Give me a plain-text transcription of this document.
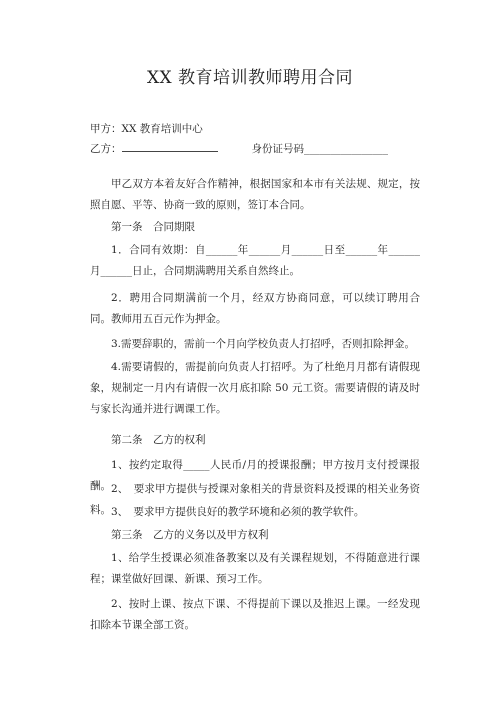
XX 教育培训教师聘用合同
甲方：XX 教育培训中心
乙方：	身份证号码________________
甲乙双方本着友好合作精神，根据国家和本市有关法规、规定，按照自愿、平等、协商一致的原则，签订本合同。
第一条　合同期限
1．合同有效期：自______年______月______日至______年______月______日止，合同期满聘用关系自然终止。
2．聘用合同期满前一个月，经双方协商同意，可以续订聘用合同。教师用五百元作为押金。
3.需要辞职的，需前一个月向学校负责人打招呼，否则扣除押金。
4.需要请假的，需提前向负责人打招呼。为了杜绝月月都有请假现象，规制定一月内有请假一次月底扣除 50 元工资。需要请假的请及时与家长沟通并进行调课工作。
第二条　乙方的权利
1、按约定取得_____人民币/月的授课报酬；甲方按月支付授课报酬。 2、　要求甲方提供与授课对象相关的背景资料及授课的相关业务资料。 3、　要求甲方提供良好的教学环境和必须的教学软件。
第三条　乙方的义务以及甲方权利
1、给学生授课必须准备教案以及有关课程规划，不得随意进行课程；课堂做好回课、新课、预习工作。
2、按时上课、按点下课、不得提前下课以及推迟上课。一经发现扣除本节课全部工资。
